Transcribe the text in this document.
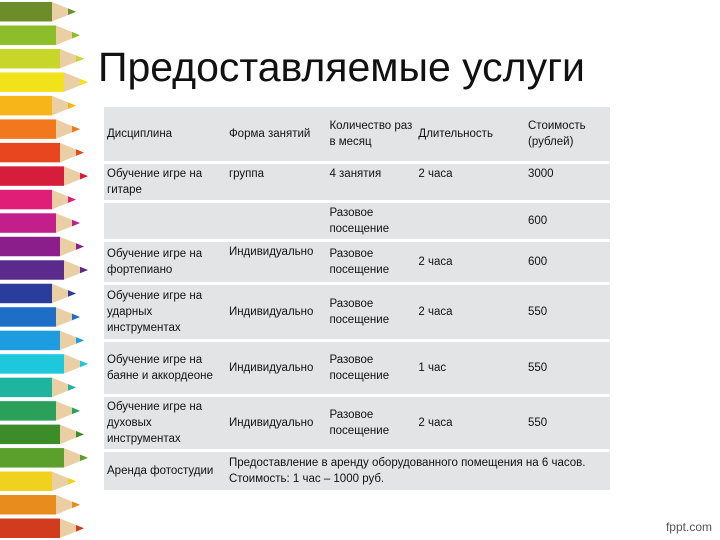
Предоставляемые услуги
Дисциплина	Форма занятий	Количество раз в месяц	Длительность	Стоимость (рублей)
Обучение игре на гитаре	группа	4 занятия	2 часа	3000
		Разовое посещение		600
Обучение игре на фортепиано	Индивидуально	Разовое посещение	2 часа	600
Обучение игре на ударных инструментах	Индивидуально	Разовое посещение	2 часа	550
Обучение игре на баяне и аккордеоне	Индивидуально	Разовое посещение	1 час	550
Обучение игре на духовых инструментах	Индивидуально	Разовое посещение	2 часа	550
Аренда фотостудии	Предоставление в аренду оборудованного помещения на 6 часов. Стоимость: 1 час – 1000 руб.			
fppt.com
